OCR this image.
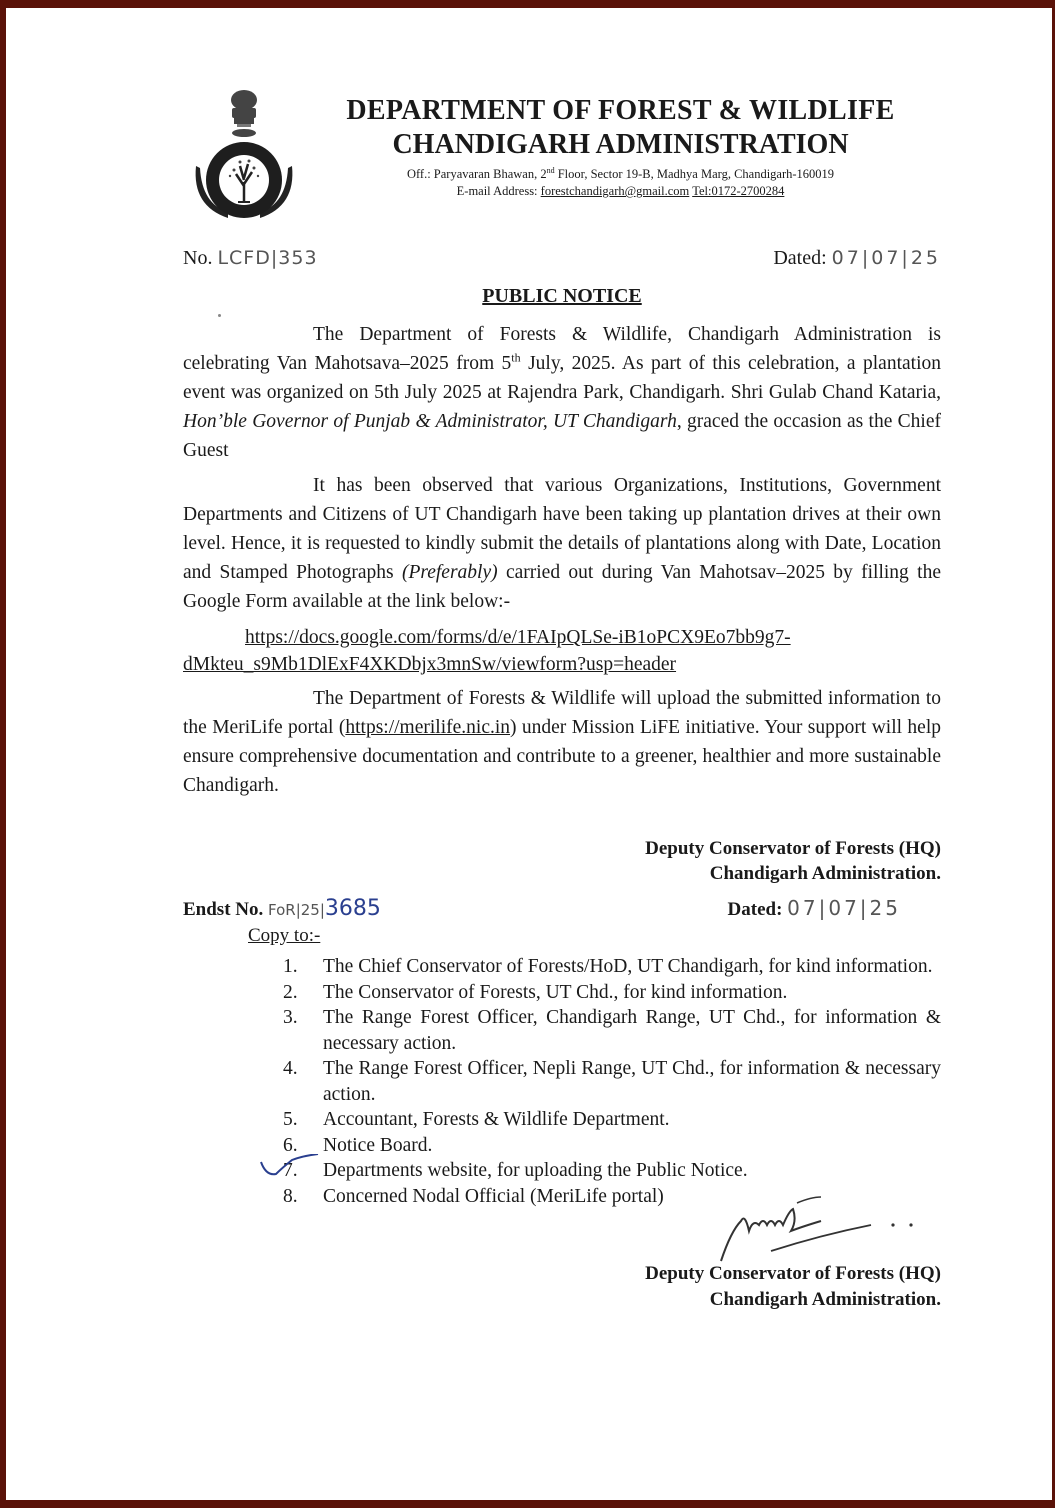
DEPARTMENT OF FOREST & WILDLIFE
CHANDIGARH ADMINISTRATION
Off.: Paryavaran Bhawan, 2nd Floor, Sector 19-B, Madhya Marg, Chandigarh-160019
E-mail Address: forestchandigarh@gmail.com Tel:0172-2700284
No. LCFD|353	Dated: 07|07|25
PUBLIC NOTICE
The Department of Forests & Wildlife, Chandigarh Administration is celebrating Van Mahotsava–2025 from 5th July, 2025. As part of this celebration, a plantation event was organized on 5th July 2025 at Rajendra Park, Chandigarh. Shri Gulab Chand Kataria, Hon’ble Governor of Punjab & Administrator, UT Chandigarh, graced the occasion as the Chief Guest
It has been observed that various Organizations, Institutions, Government Departments and Citizens of UT Chandigarh have been taking up plantation drives at their own level. Hence, it is requested to kindly submit the details of plantations along with Date, Location and Stamped Photographs (Preferably) carried out during Van Mahotsav–2025 by filling the Google Form available at the link below:-
https://docs.google.com/forms/d/e/1FAIpQLSe-iB1oPCX9Eo7bb9g7-
dMkteu_s9Mb1DlExF4XKDbjx3mnSw/viewform?usp=header
The Department of Forests & Wildlife will upload the submitted information to the MeriLife portal (https://merilife.nic.in) under Mission LiFE initiative. Your support will help ensure comprehensive documentation and contribute to a greener, healthier and more sustainable Chandigarh.
Deputy Conservator of Forests (HQ)
Chandigarh Administration.
Endst No. FoR|25|3685	Dated: 07|07|25
Copy to:-
1.	The Chief Conservator of Forests/HoD, UT Chandigarh, for kind information.
2.	The Conservator of Forests, UT Chd., for kind information.
3.	The Range Forest Officer, Chandigarh Range, UT Chd., for information & necessary action.
4.	The Range Forest Officer, Nepli Range, UT Chd., for information & necessary action.
5.	Accountant, Forests & Wildlife Department.
6.	Notice Board.
7.	Departments website, for uploading the Public Notice.
8.	Concerned Nodal Official (MeriLife portal)
Deputy Conservator of Forests (HQ)
Chandigarh Administration.
